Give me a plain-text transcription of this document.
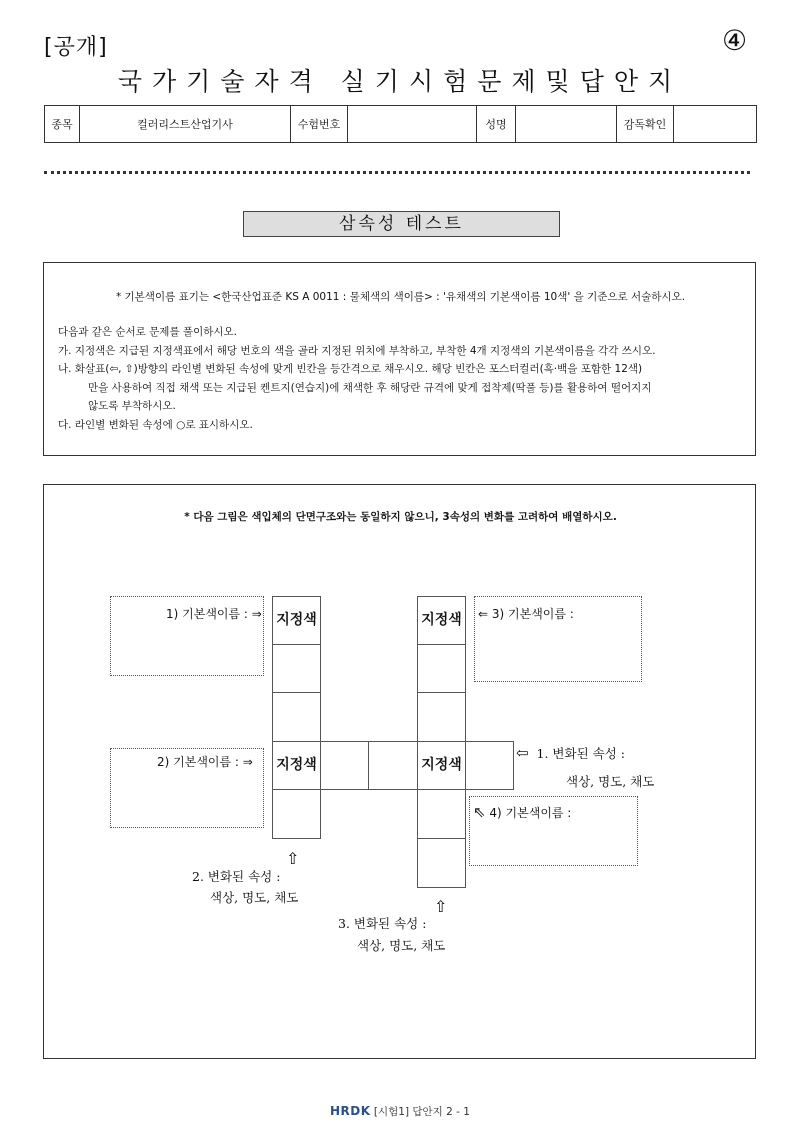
[공개]	④
국가기술자격 실기시험문제및답안지
종목	컬러리스트산업기사	수험번호		성명		감독확인	
삼속성 테스트
* 기본색이름 표기는 <한국산업표준 KS A 0011 : 물체색의 색이름> : '유채색의 기본색이름 10색' 을 기준으로 서술하시오.
다음과 같은 순서로 문제를 풀이하시오.
가. 지정색은 지급된 지정색표에서 해당 번호의 색을 골라 지정된 위치에 부착하고, 부착한 4개 지정색의 기본색이름을 각각 쓰시오.
나. 화살표(⇦, ⇧)방향의 라인별 변화된 속성에 맞게 빈칸을 등간격으로 채우시오. 해당 빈칸은 포스터컬러(흑·백을 포함한 12색)
만을 사용하여 직접 채색 또는 지급된 켄트지(연습지)에 채색한 후 해당란 규격에 맞게 접착제(딱풀 등)를 활용하여 떨어지지
않도록 부착하시오.
다. 라인별 변화된 속성에 ○로 표시하시오.
* 다음 그림은 색입체의 단면구조와는 동일하지 않으니, 3속성의 변화를 고려하여 배열하시오.
1) 기본색이름 : ⇒	⇐ 3) 기본색이름 :
2) 기본색이름 : ⇒
⇖ 4) 기본색이름 :
지정색
지정색
지정색
지정색
⇦ 1. 변화된 속성 :
색상, 명도, 채도
⇧
2. 변화된 속성 :
색상, 명도, 채도	⇧
3. 변화된 속성 :
색상, 명도, 채도
HRDK [시험1] 답안지 2 - 1
